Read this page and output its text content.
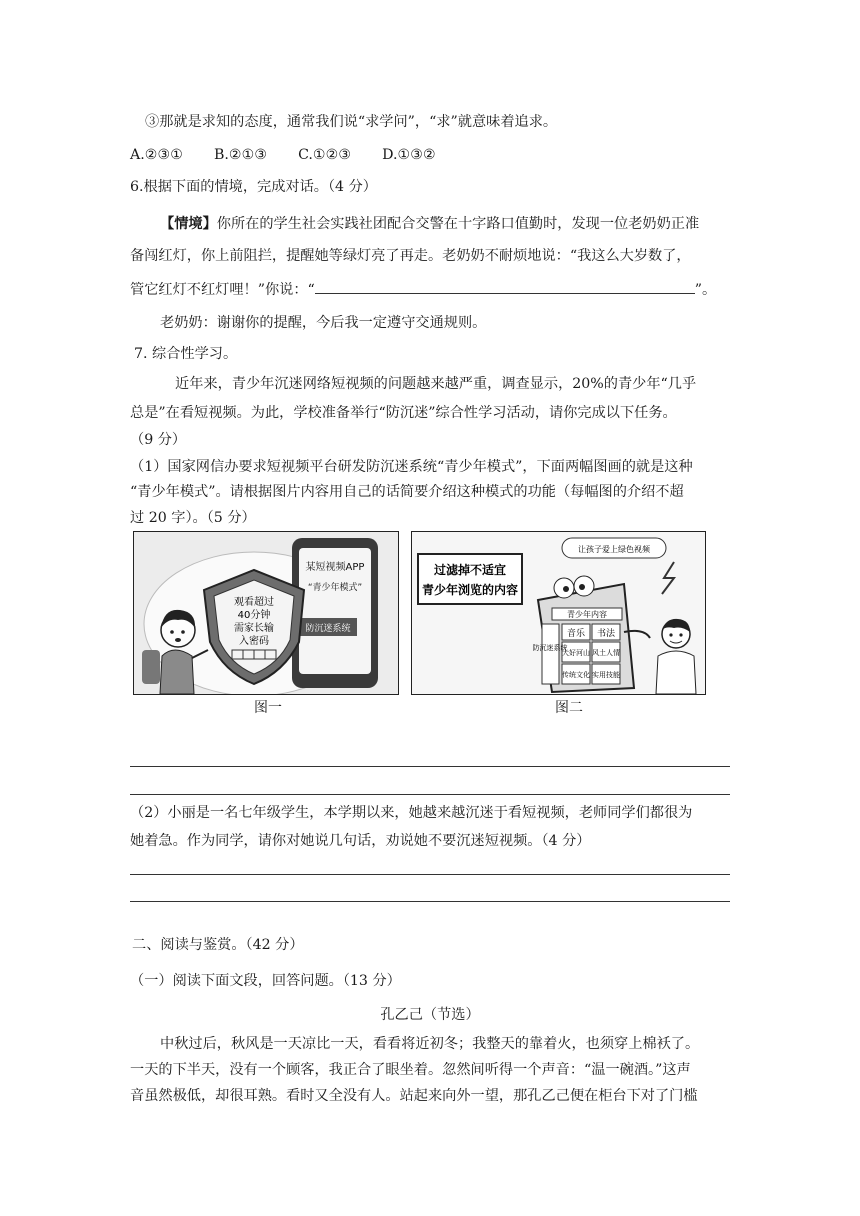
③那就是求知的态度，通常我们说“求学问”，“求”就意味着追求。
A.②③① B.②①③ C.①②③ D.①③②
6.根据下面的情境，完成对话。（4 分）
【情境】你所在的学生社会实践社团配合交警在十字路口值勤时，发现一位老奶奶正准
备闯红灯，你上前阻拦，提醒她等绿灯亮了再走。老奶奶不耐烦地说：“我这么大岁数了，
管它红灯不红灯哩！”你说：“	”。
老奶奶：谢谢你的提醒，今后我一定遵守交通规则。
7. 综合性学习。
近年来，青少年沉迷网络短视频的问题越来越严重，调查显示，20%的青少年“几乎
总是”在看短视频。为此，学校准备举行“防沉迷”综合性学习活动，请你完成以下任务。
（9 分）
（1）国家网信办要求短视频平台研发防沉迷系统“青少年模式”，下面两幅图画的就是这种
“青少年模式”。请根据图片内容用自己的话简要介绍这种模式的功能（每幅图的介绍不超
过 20 字）。（5 分）
某短视频APP
“青少年模式”
防沉迷系统
观看超过
40分钟
需家长输
入密码
图一
过滤掉不适宜
青少年浏览的内容
让孩子爱上绿色视频
青少年内容
音乐 书法
大好河山 风土人情
传统文化 实用技能
防沉迷系统
图二
（2）小丽是一名七年级学生，本学期以来，她越来越沉迷于看短视频，老师同学们都很为
她着急。作为同学，请你对她说几句话，劝说她不要沉迷短视频。（4 分）
二、阅读与鉴赏。（42 分）
（一）阅读下面文段，回答问题。（13 分）
孔乙己（节选）
中秋过后，秋风是一天凉比一天，看看将近初冬；我整天的靠着火，也须穿上棉袄了。
一天的下半天，没有一个顾客，我正合了眼坐着。忽然间听得一个声音：“温一碗酒。”这声
音虽然极低，却很耳熟。看时又全没有人。站起来向外一望，那孔乙己便在柜台下对了门槛
